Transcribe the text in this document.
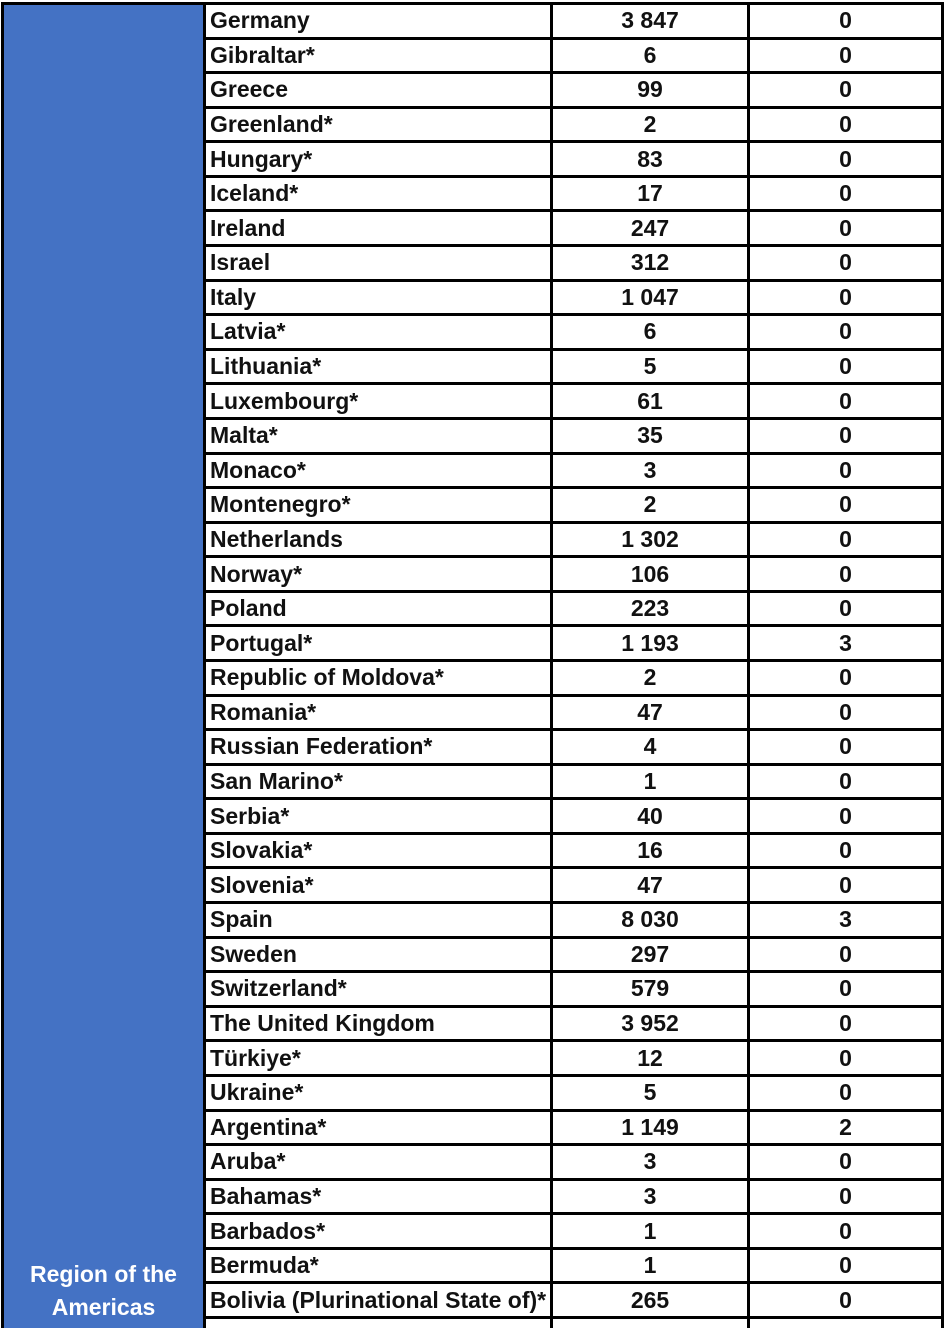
Region of the
Americas
Germany	3 847	0
Gibraltar*	6	0
Greece	99	0
Greenland*	2	0
Hungary*	83	0
Iceland*	17	0
Ireland	247	0
Israel	312	0
Italy	1 047	0
Latvia*	6	0
Lithuania*	5	0
Luxembourg*	61	0
Malta*	35	0
Monaco*	3	0
Montenegro*	2	0
Netherlands	1 302	0
Norway*	106	0
Poland	223	0
Portugal*	1 193	3
Republic of Moldova*	2	0
Romania*	47	0
Russian Federation*	4	0
San Marino*	1	0
Serbia*	40	0
Slovakia*	16	0
Slovenia*	47	0
Spain	8 030	3
Sweden	297	0
Switzerland*	579	0
The United Kingdom	3 952	0
Türkiye*	12	0
Ukraine*	5	0
Argentina*	1 149	2
Aruba*	3	0
Bahamas*	3	0
Barbados*	1	0
Bermuda*	1	0
Bolivia (Plurinational State of)*	265	0
